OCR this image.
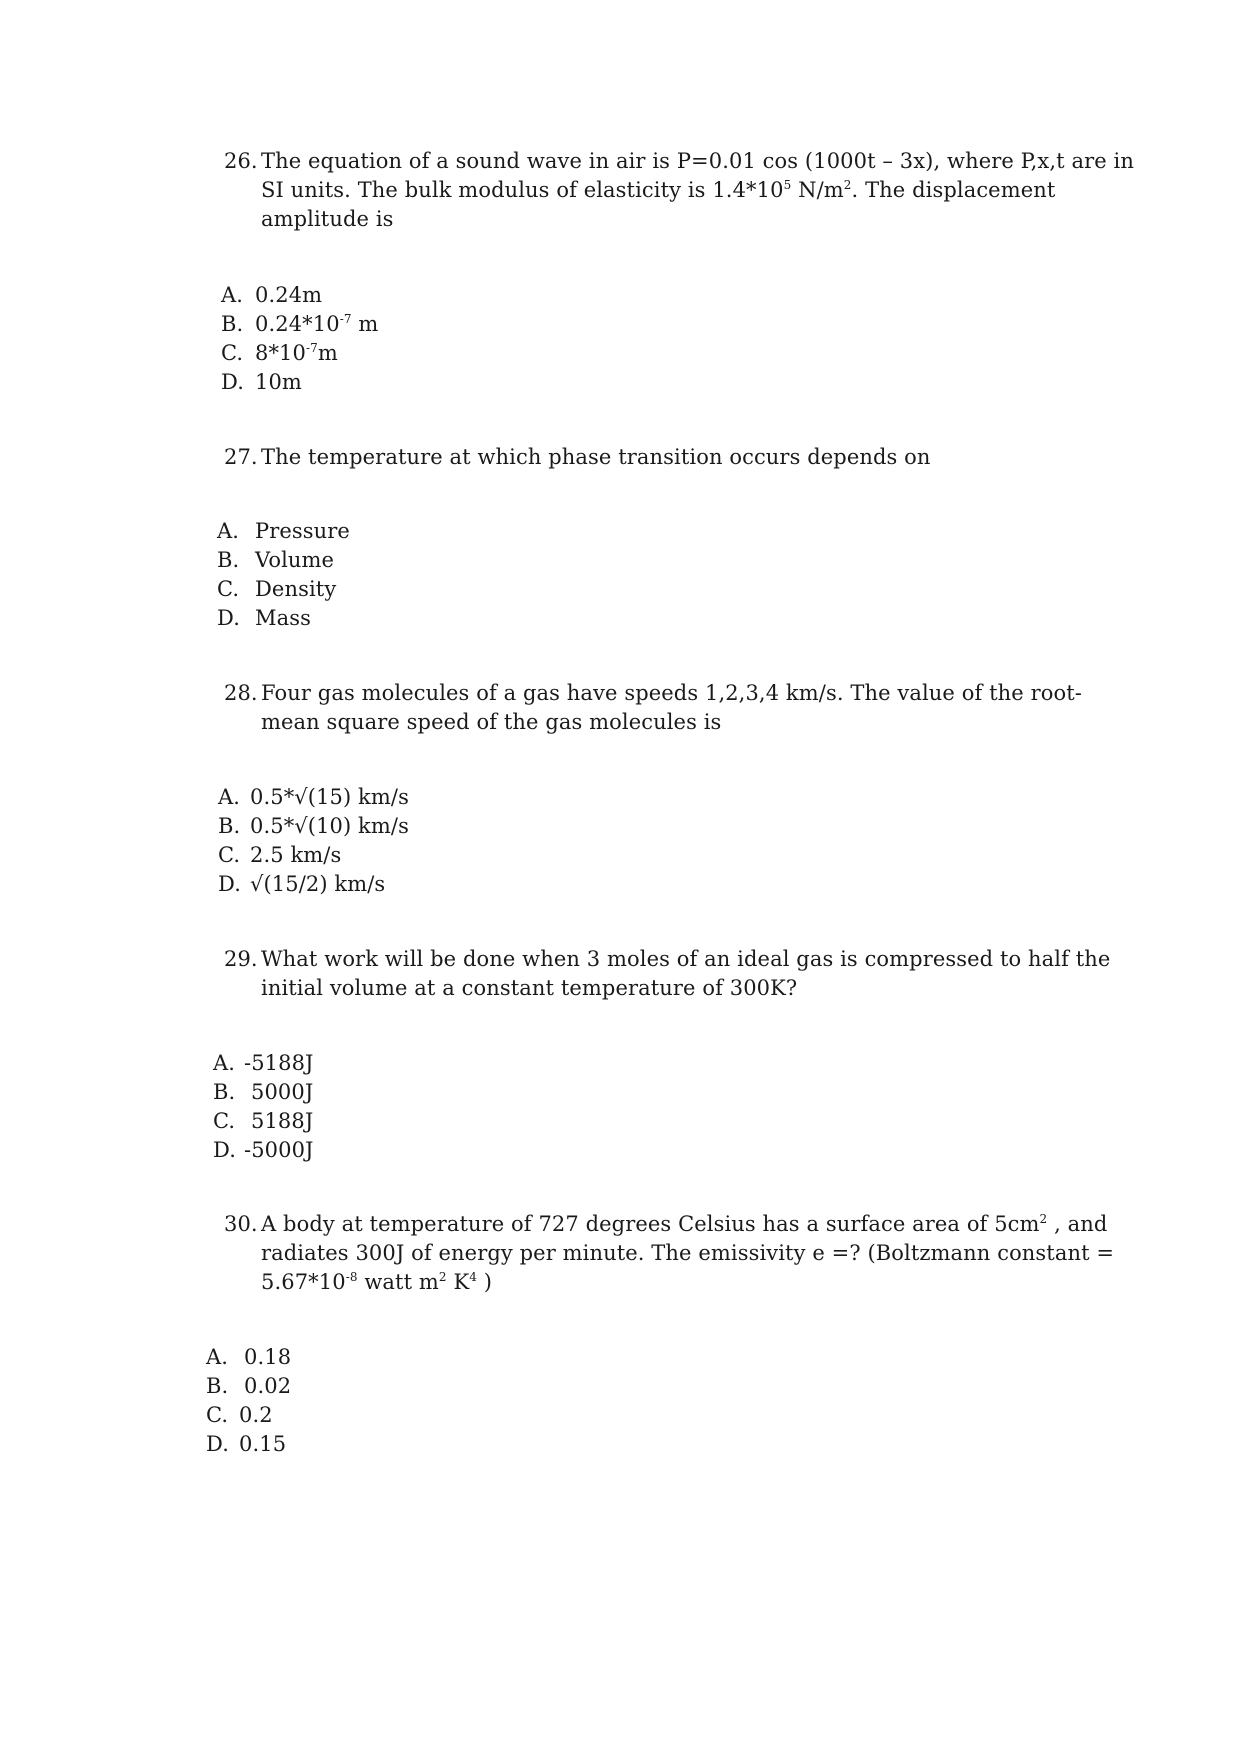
26. The equation of a sound wave in air is P=0.01 cos (1000t – 3x), where P,x,t are in
SI units. The bulk modulus of elasticity is $1.4*10^5$ $N/m^2$. The displacement
amplitude is
A. 0.24m
B. $0.24*10^{-7}$ m
C. $8*10^{-7}m$
D. 10m
27. The temperature at which phase transition occurs depends on
A. Pressure
B. Volume
C. Density
D. Mass
28. Four gas molecules of a gas have speeds 1,2,3,4 km/s. The value of the root-
mean square speed of the gas molecules is
A. 0.5*√(15) km/s
B. 0.5*√(10) km/s
C. 2.5 km/s
D. √(15/2) km/s
29. What work will be done when 3 moles of an ideal gas is compressed to half the
initial volume at a constant temperature of 300K?
A. -5188J
B. 5000J
C. 5188J
D. -5000J
30. A body at temperature of 727 degrees Celsius has a surface area of $5cm^2$ , and
radiates 300J of energy per minute. The emissivity e =? (Boltzmann constant =
$5.67*10^{-8}$ watt $m^2$ $K^4$ )
A. 0.18
B. 0.02
C. 0.2
D. 0.15
